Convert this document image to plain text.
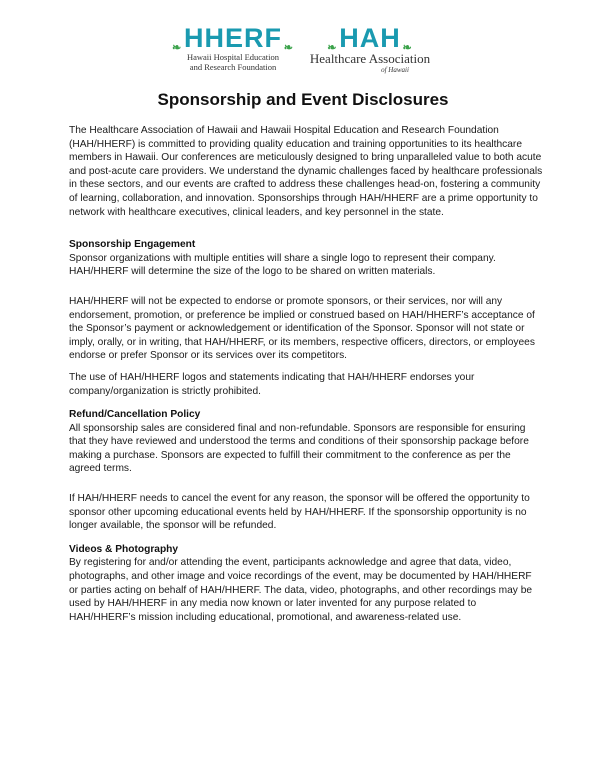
❧ HHERF ❧
Hawaii Hospital Education
and Research Foundation
❧ HAH ❧
Healthcare Association
of Hawaii
Sponsorship and Event Disclosures

The Healthcare Association of Hawaii and Hawaii Hospital Education and Research Foundation (HAH/HHERF) is committed to providing quality education and training opportunities to its healthcare members in Hawaii. Our conferences are meticulously designed to bring unparalleled value to both acute and post-acute care providers. We understand the dynamic challenges faced by healthcare professionals in these sectors, and our events are crafted to address these challenges head-on, fostering a community of learning, collaboration, and innovation. Sponsorships through HAH/HHERF are a prime opportunity to network with healthcare executives, clinical leaders, and key personnel in the state.

Sponsorship Engagement

Sponsor organizations with multiple entities will share a single logo to represent their company. HAH/HHERF will determine the size of the logo to be shared on written materials.

HAH/HHERF will not be expected to endorse or promote sponsors, or their services, nor will any endorsement, promotion, or preference be implied or construed based on HAH/HHERF’s acceptance of the Sponsor’s payment or acknowledgement or identification of the Sponsor. Sponsor will not state or imply, orally, or in writing, that HAH/HHERF, or its members, respective officers, directors, or employees endorse or prefer Sponsor or its services over its competitors.

The use of HAH/HHERF logos and statements indicating that HAH/HHERF endorses your company/organization is strictly prohibited.

Refund/Cancellation Policy

All sponsorship sales are considered final and non-refundable. Sponsors are responsible for ensuring that they have reviewed and understood the terms and conditions of their sponsorship package before making a purchase. Sponsors are expected to fulfill their commitment to the conference as per the agreed terms.

If HAH/HHERF needs to cancel the event for any reason, the sponsor will be offered the opportunity to sponsor other upcoming educational events held by HAH/HHERF. If the sponsorship opportunity is no longer available, the sponsor will be refunded.

Videos & Photography

By registering for and/or attending the event, participants acknowledge and agree that data, video, photographs, and other image and voice recordings of the event, may be documented by HAH/HHERF or parties acting on behalf of HAH/HHERF. The data, video, photographs, and other recordings may be used by HAH/HHERF in any media now known or later invented for any purpose related to HAH/HHERF’s mission including educational, promotional, and awareness-related use.
